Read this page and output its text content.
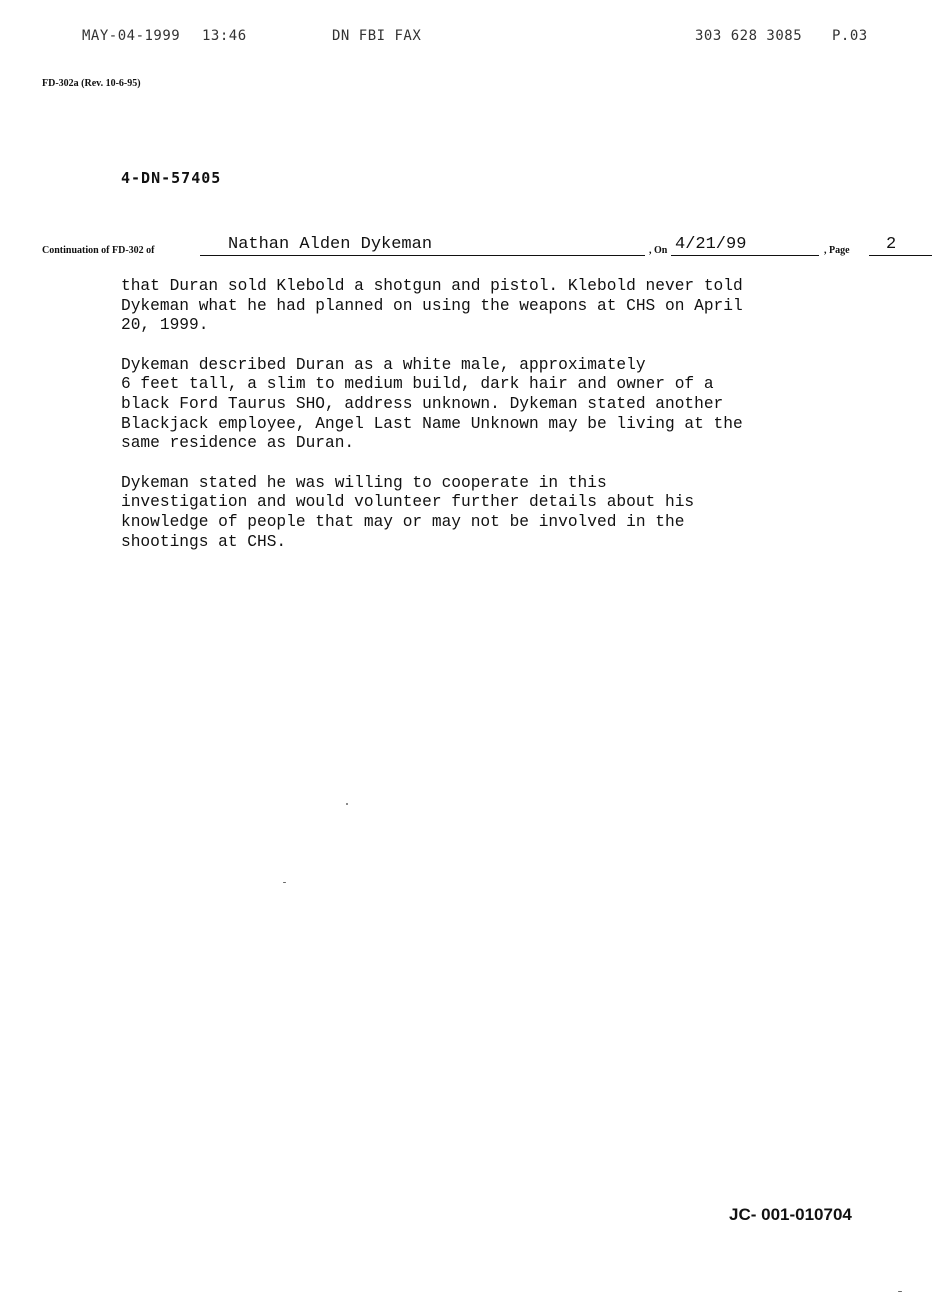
MAY-04-1999 13:46	DN FBI FAX	303 628 3085 P.03
FD-302a (Rev. 10-6-95)
4-DN-57405
Continuation of FD-302 of	Nathan Alden Dykeman	, On 4/21/99	, Page	2

that Duran sold Klebold a shotgun and pistol. Klebold never told
Dykeman what he had planned on using the weapons at CHS on April
20, 1999.

Dykeman described Duran as a white male, approximately
6 feet tall, a slim to medium build, dark hair and owner of a
black Ford Taurus SHO, address unknown. Dykeman stated another
Blackjack employee, Angel Last Name Unknown may be living at the
same residence as Duran.

Dykeman stated he was willing to cooperate in this
investigation and would volunteer further details about his
knowledge of people that may or may not be involved in the
shootings at CHS.

JC- 001-010704
